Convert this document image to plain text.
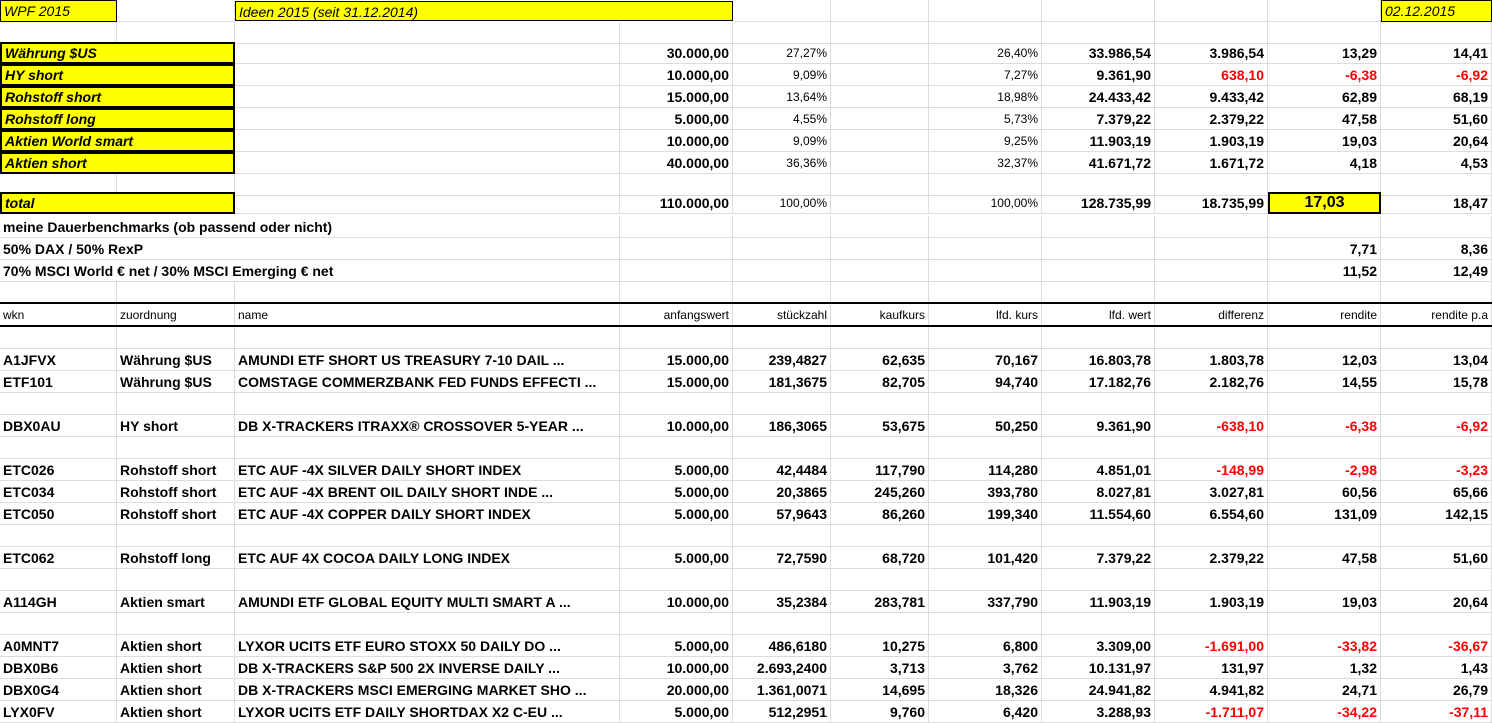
WPF 2015	Ideen 2015 (seit 31.12.2014)	02.12.2015
Währung $US	30.000,00	27,27%	26,40%	33.986,54	3.986,54	13,29	14,41
HY short	10.000,00	9,09%	7,27%	9.361,90	638,10	-6,38	-6,92
Rohstoff short	15.000,00	13,64%	18,98%	24.433,42	9.433,42	62,89	68,19
Rohstoff long	5.000,00	4,55%	5,73%	7.379,22	2.379,22	47,58	51,60
Aktien World smart	10.000,00	9,09%	9,25%	11.903,19	1.903,19	19,03	20,64
Aktien short	40.000,00	36,36%	32,37%	41.671,72	1.671,72	4,18	4,53
total	110.000,00	100,00%	100,00%	128.735,99	18.735,99	17,03	18,47
meine Dauerbenchmarks (ob passend oder nicht)
50% DAX / 50% RexP	7,71	8,36
70% MSCI World € net / 30% MSCI Emerging € net	11,52	12,49
wkn	zuordnung	name	anfangswert	stückzahl	kaufkurs	lfd. kurs	lfd. wert	differenz	rendite	rendite p.a
A1JFVX	Währung $US	AMUNDI ETF SHORT US TREASURY 7-10 DAIL ...	15.000,00	239,4827	62,635	70,167	16.803,78	1.803,78	12,03	13,04
ETF101	Währung $US	COMSTAGE COMMERZBANK FED FUNDS EFFECTI ...	15.000,00	181,3675	82,705	94,740	17.182,76	2.182,76	14,55	15,78
DBX0AU	HY short	DB X-TRACKERS ITRAXX® CROSSOVER 5-YEAR ...	10.000,00	186,3065	53,675	50,250	9.361,90	-638,10	-6,38	-6,92
ETC026	Rohstoff short	ETC AUF -4X SILVER DAILY SHORT INDEX	5.000,00	42,4484	117,790	114,280	4.851,01	-148,99	-2,98	-3,23
ETC034	Rohstoff short	ETC AUF -4X BRENT OIL DAILY SHORT INDE ...	5.000,00	20,3865	245,260	393,780	8.027,81	3.027,81	60,56	65,66
ETC050	Rohstoff short	ETC AUF -4X COPPER DAILY SHORT INDEX	5.000,00	57,9643	86,260	199,340	11.554,60	6.554,60	131,09	142,15
ETC062	Rohstoff long	ETC AUF 4X COCOA DAILY LONG INDEX	5.000,00	72,7590	68,720	101,420	7.379,22	2.379,22	47,58	51,60
A114GH	Aktien smart	AMUNDI ETF GLOBAL EQUITY MULTI SMART A ...	10.000,00	35,2384	283,781	337,790	11.903,19	1.903,19	19,03	20,64
A0MNT7	Aktien short	LYXOR UCITS ETF EURO STOXX 50 DAILY DO ...	5.000,00	486,6180	10,275	6,800	3.309,00	-1.691,00	-33,82	-36,67
DBX0B6	Aktien short	DB X-TRACKERS S&P 500 2X INVERSE DAILY ...	10.000,00	2.693,2400	3,713	3,762	10.131,97	131,97	1,32	1,43
DBX0G4	Aktien short	DB X-TRACKERS MSCI EMERGING MARKET SHO ...	20.000,00	1.361,0071	14,695	18,326	24.941,82	4.941,82	24,71	26,79
LYX0FV	Aktien short	LYXOR UCITS ETF DAILY SHORTDAX X2 C-EU ...	5.000,00	512,2951	9,760	6,420	3.288,93	-1.711,07	-34,22	-37,11
